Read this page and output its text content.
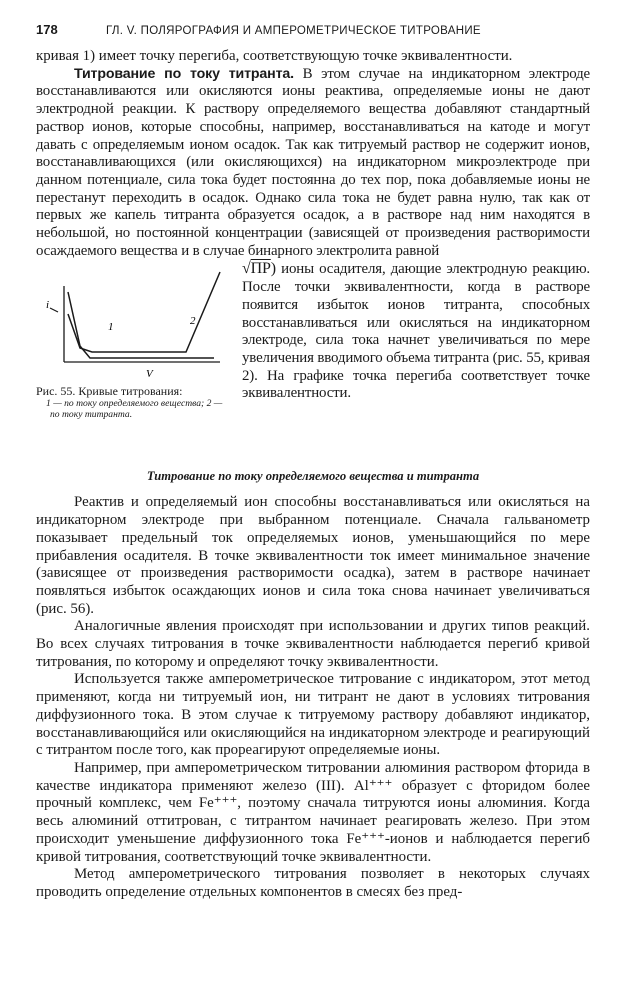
178	ГЛ. V. ПОЛЯРОГРАФИЯ И АМПЕРОМЕТРИЧЕСКОЕ ТИТРОВАНИЕ

кривая 1) имеет точку перегиба, соответствующую точке эквивалентности.

Титрование по току титранта. В этом случае на индикаторном электроде восстанавливаются или окисляются ионы реактива, определяемые ионы не дают электродной реакции. К раствору определяемого вещества добавляют стандартный раствор ионов, которые способны, например, восстанавливаться на катоде и могут давать с определяемым ионом осадок. Так как титруемый раствор не содержит ионов, восстанавливающихся (или окисляющихся) на индикаторном микроэлектроде при данном потенциале, сила тока будет постоянна до тех пор, пока добавляемые ионы не перестанут переходить в осадок. Однако сила тока не будет равна нулю, так как от первых же капель титранта образуется осадок, а в растворе над ним находятся в небольшой, но постоянной концентрации (зависящей от произведения растворимости осаждаемого вещества и в случае бинарного электролита равной

i
V
1	2
Рис. 55. Кривые титрования:
1 — по току определяемого вещества; 2 — по току титранта.

√ПР) ионы осадителя, дающие электродную реакцию. После точки эквивалентности, когда в растворе появится избыток ионов титранта, способных восстанавливаться или окисляться на индикаторном электроде, сила тока начнет увеличиваться по мере увеличения вводимого объема титранта (рис. 55, кривая 2). На графике точка перегиба соответствует точке эквивалентности.

Титрование по току определяемого вещества и титранта

Реактив и определяемый ион способны восстанавливаться или окисляться на индикаторном электроде при выбранном потенциале. Сначала гальванометр показывает предельный ток определяемых ионов, уменьшающийся по мере прибавления осадителя. В точке эквивалентности ток имеет минимальное значение (зависящее от произведения растворимости осадка), затем в растворе начинает появляться избыток осаждающих ионов и сила тока снова начинает увеличиваться (рис. 56).

Аналогичные явления происходят при использовании и других типов реакций. Во всех случаях титрования в точке эквивалентности наблюдается перегиб кривой титрования, по которому и определяют точку эквивалентности.

Используется также амперометрическое титрование с индикатором, этот метод применяют, когда ни титруемый ион, ни титрант не дают в условиях титрования диффузионного тока. В этом случае к титруемому раствору добавляют индикатор, восстанавливающийся или окисляющийся на индикаторном электроде и реагирующий с титрантом после того, как прореагируют определяемые ионы.

Например, при амперометрическом титровании алюминия раствором фторида в качестве индикатора применяют железо (III). Al⁺⁺⁺ образует с фторидом более прочный комплекс, чем Fe⁺⁺⁺, поэтому сначала титруются ионы алюминия. Когда весь алюминий оттитрован, с титрантом начинает реагировать железо. При этом происходит уменьшение диффузионного тока Fe⁺⁺⁺-ионов и наблюдается перегиб кривой титрования, соответствующий точке эквивалентности.

Метод амперометрического титрования позволяет в некоторых случаях проводить определение отдельных компонентов в смесях без пред-
